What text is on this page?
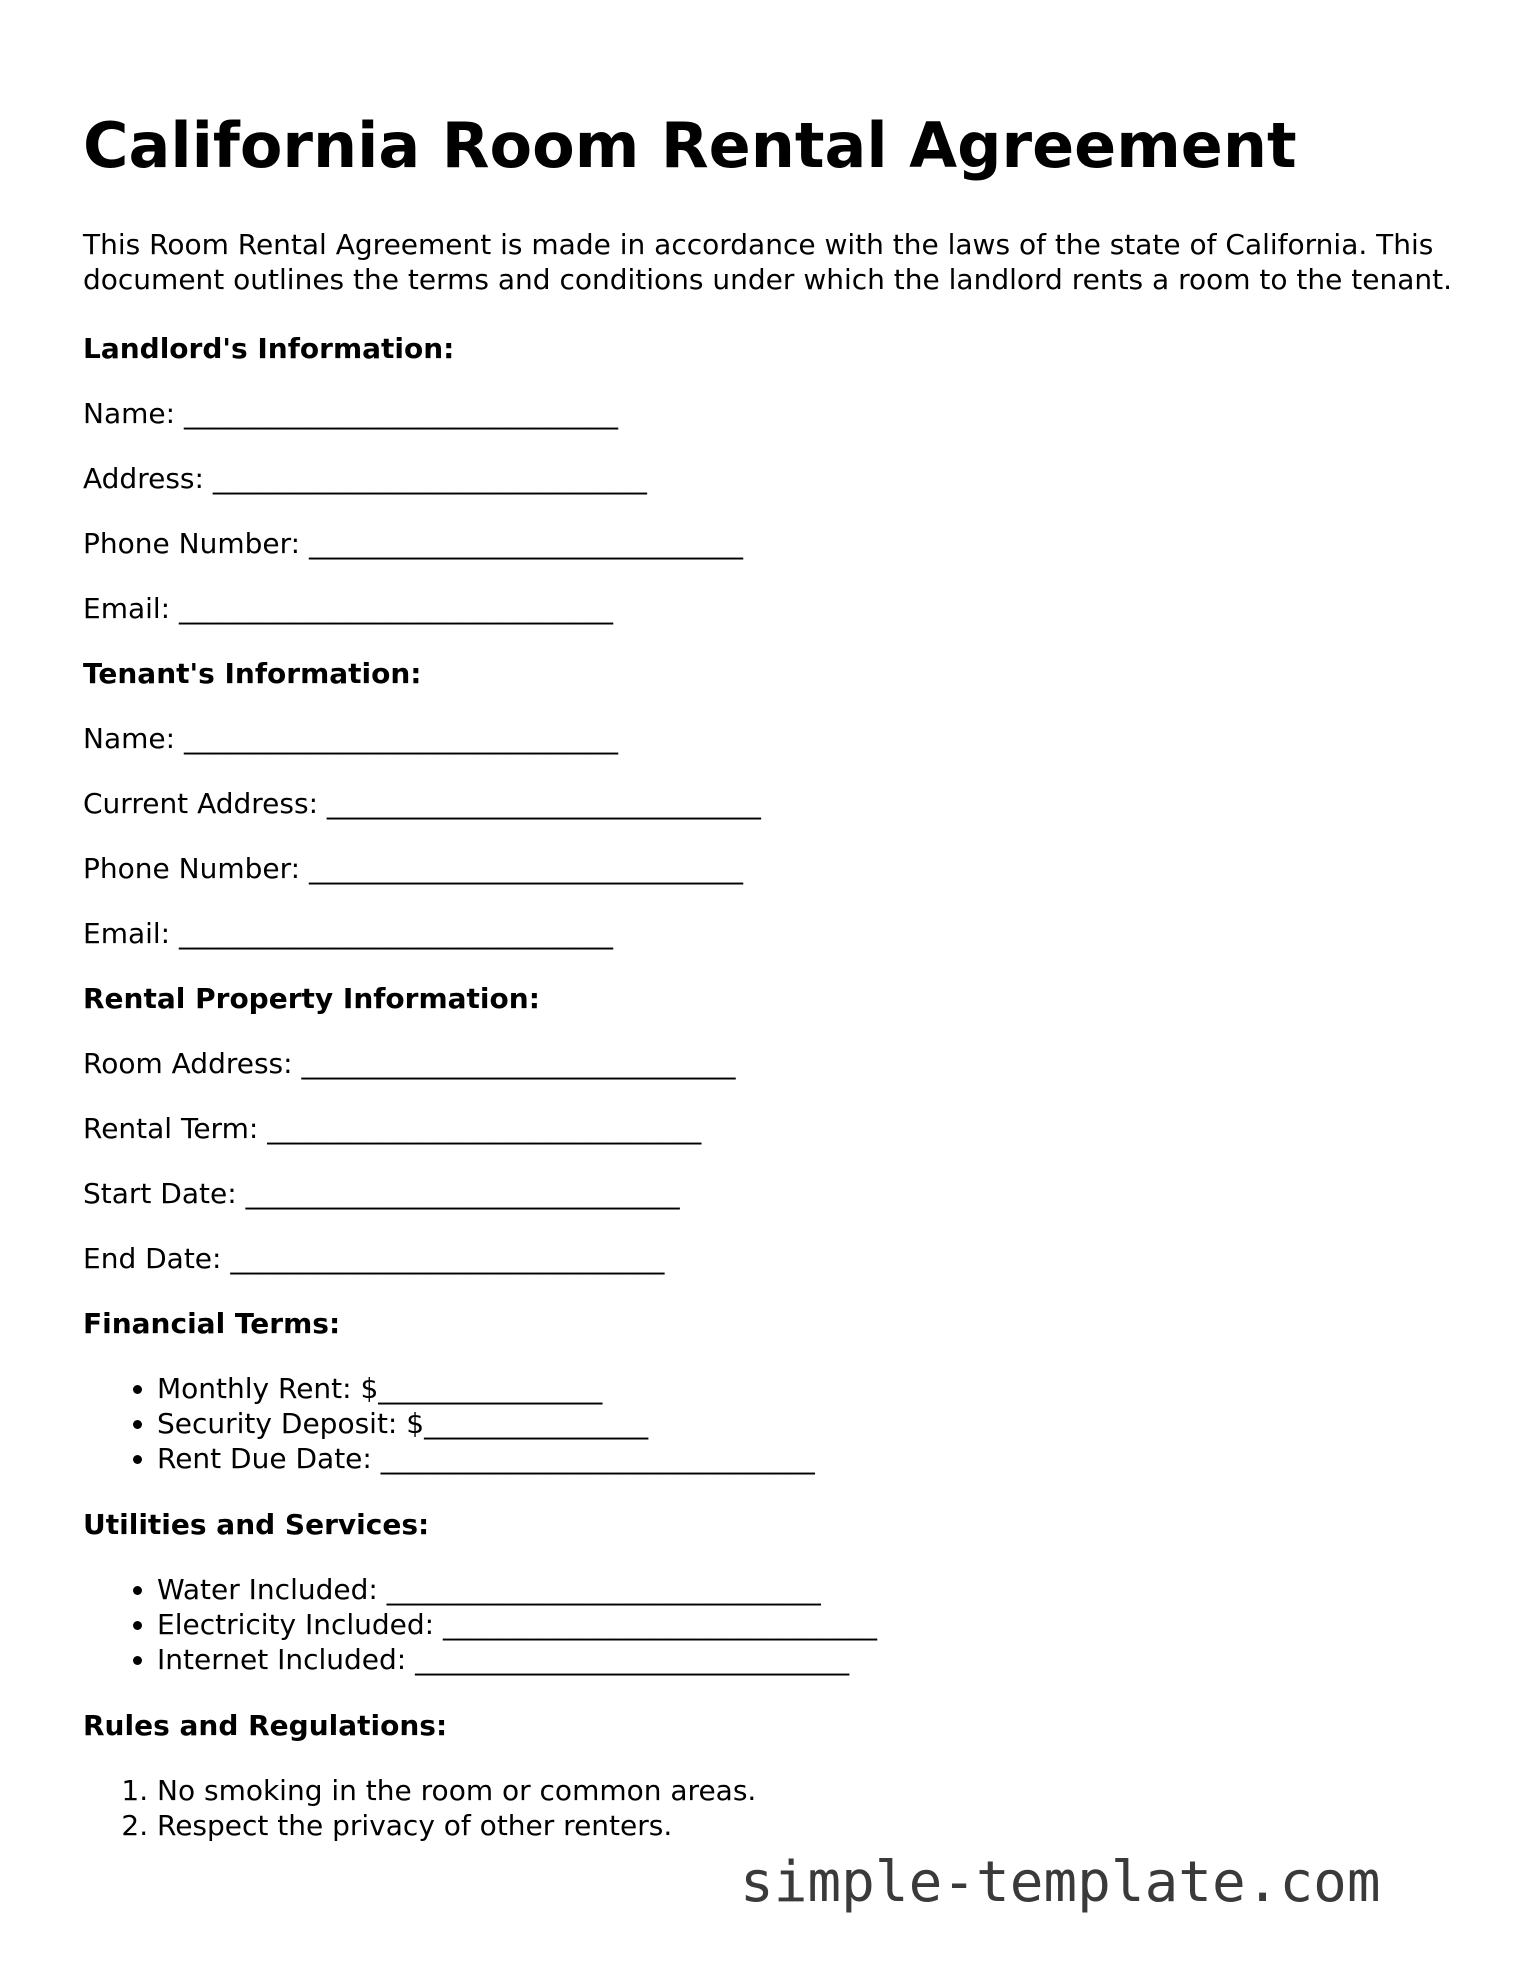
California Room Rental Agreement

This Room Rental Agreement is made in accordance with the laws of the state of California. This document outlines the terms and conditions under which the landlord rents a room to the tenant.

Landlord's Information:
Name: _______________________________
Address: _______________________________
Phone Number: _______________________________
Email: _______________________________
Tenant's Information:
Name: _______________________________
Current Address: _______________________________
Phone Number: _______________________________
Email: _______________________________
Rental Property Information:
Room Address: _______________________________
Rental Term: _______________________________
Start Date: _______________________________
End Date: _______________________________
Financial Terms:
• Monthly Rent: $________________
• Security Deposit: $________________
• Rent Due Date: _______________________________
Utilities and Services:
• Water Included: _______________________________
• Electricity Included: _______________________________
• Internet Included: _______________________________
Rules and Regulations:
1. No smoking in the room or common areas.
2. Respect the privacy of other renters.
simple-template.com
